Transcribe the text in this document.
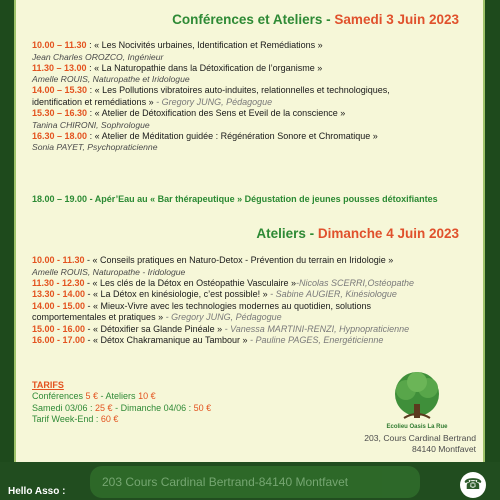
Conférences et Ateliers - Samedi 3 Juin 2023
10.00 – 11.30 : « Les Nocivités urbaines, Identification et Remédiations »
Jean Charles OROZCO, Ingénieur
11.30 – 13.00 : « La Naturopathie dans la Détoxification de l’organisme »
Amelle ROUIS, Naturopathe et Iridologue
14.00 – 15.30 : « Les Pollutions vibratoires auto-induites, relationnelles et technologiques,
identification et remédiations » - Gregory JUNG, Pédagogue
15.30 – 16.30 : « Atelier de Détoxification des Sens et Eveil de la conscience »
Tanina CHIRONI, Sophrologue
16.30 – 18.00 : « Atelier de Méditation guidée : Régénération Sonore et Chromatique »
Sonia PAYET, Psychopraticienne
18.00 – 19.00 - Apér’Eau au « Bar thérapeutique » Dégustation de jeunes pousses détoxifiantes
Ateliers - Dimanche 4 Juin 2023
10.00 - 11.30 - « Conseils pratiques en Naturo-Detox - Prévention du terrain en Iridologie »
Amelle ROUIS, Naturopathe - Iridologue
11.30 - 12.30 - « Les clés de la Détox en Ostéopathie Vasculaire »-Nicolas SCERRI,Ostéopathe
13.30 - 14.00 - « La Détox en kinésiologie, c’est possible! » - Sabine AUGIER, Kinésiologue
14.00 - 15.00 - « Mieux-Vivre avec les technologies modernes au quotidien, solutions
comportementales et pratiques » - Gregory JUNG, Pédagogue
15.00 - 16.00 - « Détoxifier sa Glande Pinéale » - Vanessa MARTINI-RENZI, Hypnopraticienne
16.00 - 17.00 - « Détox Chakramanique au Tambour » - Pauline PAGES, Energéticienne
TARIFS
Conférences 5 € - Ateliers 10 €
Samedi 03/06 : 25 € - Dimanche 04/06 : 50 €
Tarif Week-End : 60 €
Ecolieu Oasis La Rue
203, Cours Cardinal Bertrand
84140 Montfavet
203 Cours Cardinal Bertrand-84140 Montfavet
Hello Asso :	☎
